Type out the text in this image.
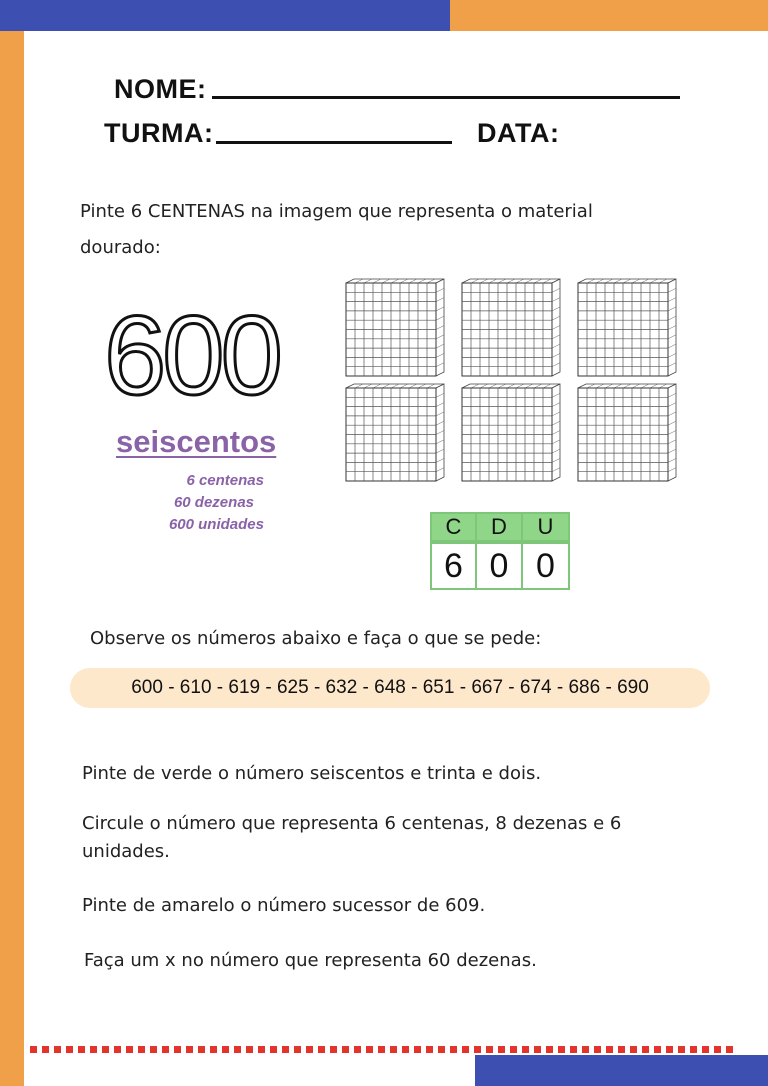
NOME:
TURMA:	DATA:
Pinte 6 CENTENAS na imagem que representa o material
dourado:
600
seiscentos
6 centenas
60 dezenas
600 unidades	C	D	U
6 0 0
Observe os números abaixo e faça o que se pede:
600 - 610 - 619 - 625 - 632 - 648 - 651 - 667 - 674 - 686 - 690
Pinte de verde o número seiscentos e trinta e dois.
Circule o número que representa 6 centenas, 8 dezenas e 6 unidades.
Pinte de amarelo o número sucessor de 609.
Faça um x no número que representa 60 dezenas.
